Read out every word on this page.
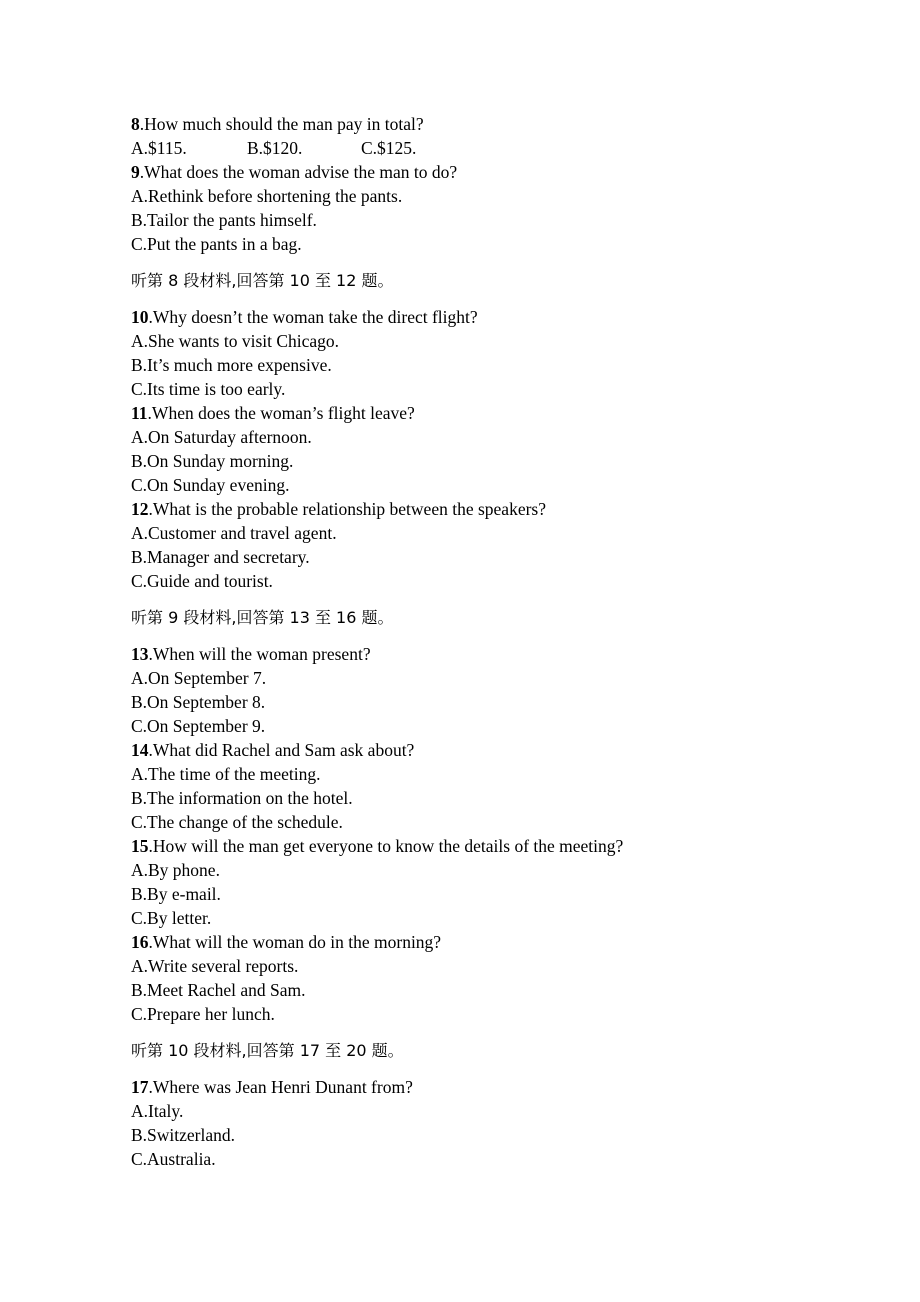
8.How much should the man pay in total?
A.$115.	B.$120.	C.$125.
9.What does the woman advise the man to do?
A.Rethink before shortening the pants.
B.Tailor the pants himself.
C.Put the pants in a bag.
听第 8 段材料,回答第 10 至 12 题。
10.Why doesn’t the woman take the direct flight?
A.She wants to visit Chicago.
B.It’s much more expensive.
C.Its time is too early.
11.When does the woman’s flight leave?
A.On Saturday afternoon.
B.On Sunday morning.
C.On Sunday evening.
12.What is the probable relationship between the speakers?
A.Customer and travel agent.
B.Manager and secretary.
C.Guide and tourist.
听第 9 段材料,回答第 13 至 16 题。
13.When will the woman present?
A.On September 7.
B.On September 8.
C.On September 9.
14.What did Rachel and Sam ask about?
A.The time of the meeting.
B.The information on the hotel.
C.The change of the schedule.
15.How will the man get everyone to know the details of the meeting?
A.By phone.
B.By e-mail.
C.By letter.
16.What will the woman do in the morning?
A.Write several reports.
B.Meet Rachel and Sam.
C.Prepare her lunch.
听第 10 段材料,回答第 17 至 20 题。
17.Where was Jean Henri Dunant from?
A.Italy.
B.Switzerland.
C.Australia.
